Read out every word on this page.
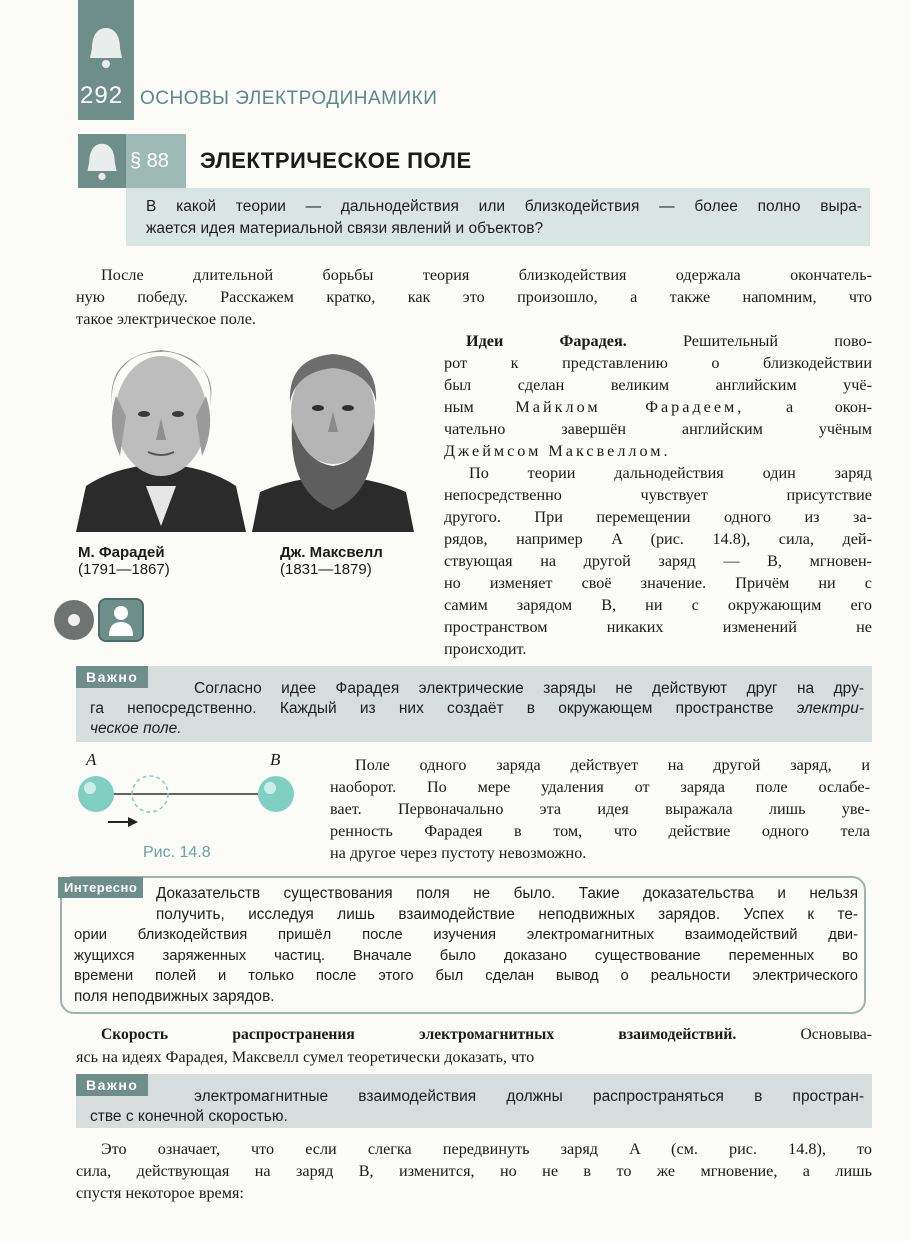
292 ОСНОВЫ ЭЛЕКТРОДИНАМИКИ
§ 88 ЭЛЕКТРИЧЕСКОЕ ПОЛЕ
В какой теории — дальнодействия или близкодействия — более полно выра-
жается идея материальной связи явлений и объектов?
После длительной борьбы теория близкодействия одержала окончатель-
ную победу. Расскажем кратко, как это произошло, а также напомним, что
такое электрическое поле.
М. Фарадей
(1791—1867)
Дж. Максвелл
(1831—1879)
Идеи Фарадея.	Решительный пово-
рот к представлению о близкодействии
был сделан великим английским учё-
ным	Майклом Фарадеем,	а окон-
чательно завершён английским учёным
Джеймсом Максвеллом.
По теории дальнодействия один заряд
непосредственно чувствует присутствие
другого. При перемещении одного из за-
рядов, например A (рис. 14.8), сила, дей-
ствующая на другой заряд — B, мгновен-
но изменяет своё значение. Причём ни с
самим зарядом B, ни с окружающим его
пространством никаких изменений не
происходит.
Важно
Согласно идее Фарадея электрические заряды не действуют друг на дру-
га непосредственно. Каждый из них создаёт в окружающем пространстве электри-
ческое поле.
A	B
Рис. 14.8
Поле одного заряда действует на другой заряд, и
наоборот. По мере удаления от заряда поле ослабе-
вает. Первоначально эта идея выражала лишь уве-
ренность Фарадея в том, что действие одного тела
на другое через пустоту невозможно.
Интересно	Доказательств существования поля не было. Такие доказательства и нельзя
получить, исследуя лишь взаимодействие неподвижных зарядов. Успех к те-
ории близкодействия пришёл после изучения электромагнитных взаимодействий дви-
жущихся заряженных частиц. Вначале было доказано существование переменных во
времени полей и только после этого был сделан вывод о реальности электрического
поля неподвижных зарядов.
Скорость распространения электромагнитных взаимодействий.	Основыва-
ясь на идеях Фарадея, Максвелл сумел теоретически доказать, что
Важно
электромагнитные взаимодействия должны распространяться в простран-
стве с конечной скоростью.
Это означает, что если слегка передвинуть заряд A (см. рис. 14.8), то
сила, действующая на заряд B, изменится, но не в то же мгновение, а лишь
спустя некоторое время:
